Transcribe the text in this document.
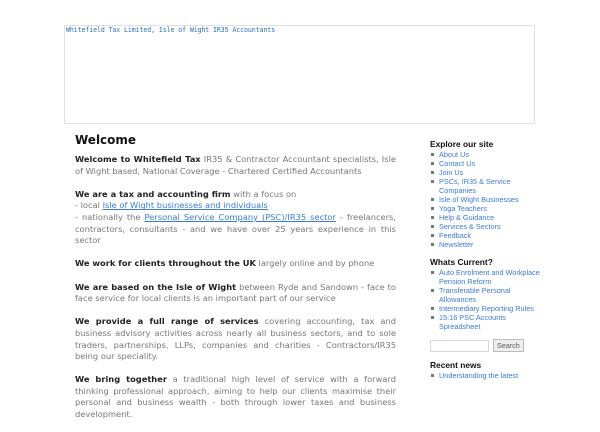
Whitefield Tax Limited, Isle of Wight IR35 Accountants
Welcome

Welcome to Whitefield Tax IR35 & Contractor Accountant specialists, Isle of Wight based, National Coverage - Chartered Certified Accountants

We are a tax and accounting firm with a focus on
- local Isle of Wight businesses and individuals
- nationally the Personal Service Company (PSC)/IR35 sector - freelancers, contractors, consultants - and we have over 25 years experience in this sector

We work for clients throughout the UK largely online and by phone

We are based on the Isle of Wight between Ryde and Sandown - face to face service for local clients is an important part of our service

We provide a full range of services covering accounting, tax and business advisory activities across nearly all business sectors, and to sole traders, partnerships, LLPs, companies and charities - Contractors/IR35 being our speciality.

We bring together a traditional high level of service with a forward thinking professional approach, aiming to help our clients maximise their personal and business wealth - both through lower taxes and business development.

Explore our site
About Us
Contact Us
Join Us
PSCs, IR35 & Service Companies
Isle of Wight Businesses
Yoga Teachers
Help & Guidance
Services & Sectors
Feedback
Newsletter
Whats Current?
Auto Enrolment and Workplace Pension Reform
Transferable Personal Allowances
Intermediary Reporting Rules
15:16 PSC Accounts Spreadsheet
Search
Recent news
Understanding the latest
